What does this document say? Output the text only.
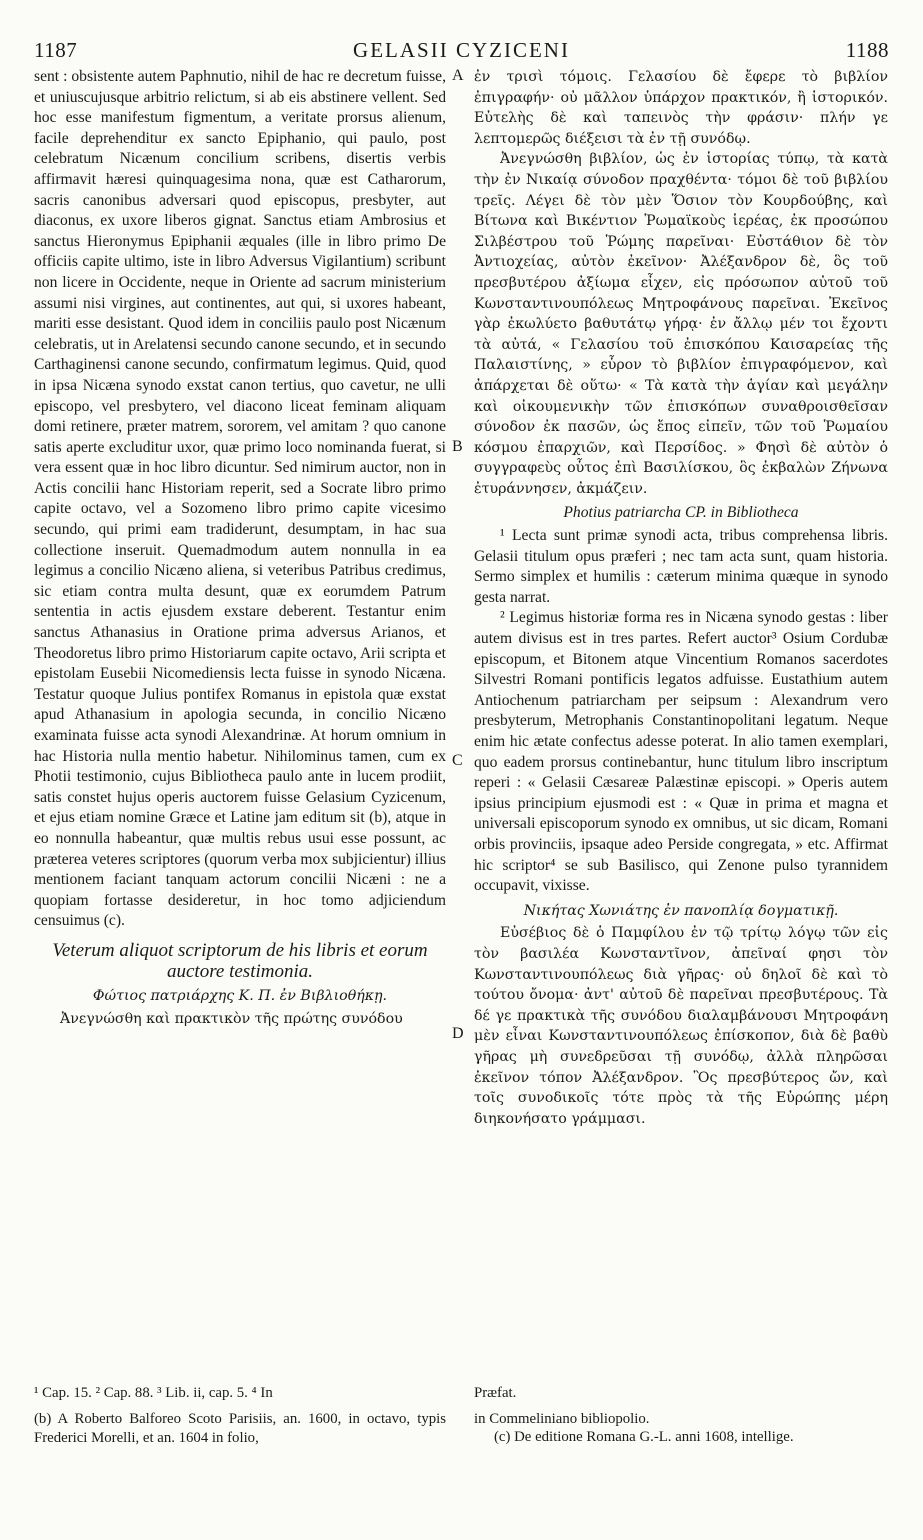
1187	GELASII CYZICENI	1188

sent : obsistente autem Paphnutio, nihil de hac re decretum fuisse, et uniuscujusque arbitrio relictum, si ab eis abstinere vellent. Sed hoc esse manifestum figmentum, a veritate prorsus alienum, facile deprehenditur ex sancto Epiphanio, qui paulo, post celebratum Nicænum concilium scribens, disertis verbis affirmavit hæresi quinquagesima nona, quæ est Catharorum, sacris canonibus adversari quod episcopus, presbyter, aut diaconus, ex uxore liberos gignat. Sanctus etiam Ambrosius et sanctus Hieronymus Epiphanii æquales (ille in libro primo De officiis capite ultimo, iste in libro Adversus Vigilantium) scribunt non licere in Occidente, neque in Oriente ad sacrum ministerium assumi nisi virgines, aut continentes, aut qui, si uxores habeant, mariti esse desistant. Quod idem in conciliis paulo post Nicænum celebratis, ut in Arelatensi secundo canone secundo, et in secundo Carthaginensi canone secundo, confirmatum legimus. Quid, quod in ipsa Nicæna synodo exstat canon tertius, quo cavetur, ne ulli episcopo, vel presbytero, vel diacono liceat feminam aliquam domi retinere, præter matrem, sororem, vel amitam ? quo canone satis aperte excluditur uxor, quæ primo loco nominanda fuerat, si vera essent quæ in hoc libro dicuntur. Sed nimirum auctor, non in Actis concilii hanc Historiam reperit, sed a Socrate libro primo capite octavo, vel a Sozomeno libro primo capite vicesimo secundo, qui primi eam tradiderunt, desumptam, in hac sua collectione inseruit. Quemadmodum autem nonnulla in ea legimus a concilio Nicæno aliena, si veteribus Patribus credimus, sic etiam contra multa desunt, quæ ex eorumdem Patrum sententia in actis ejusdem exstare deberent. Testantur enim sanctus Athanasius in Oratione prima adversus Arianos, et Theodoretus libro primo Historiarum capite octavo, Arii scripta et epistolam Eusebii Nicomediensis lecta fuisse in synodo Nicæna. Testatur quoque Julius pontifex Romanus in epistola quæ exstat apud Athanasium in apologia secunda, in concilio Nicæno examinata fuisse acta synodi Alexandrinæ. At horum omnium in hac Historia nulla mentio habetur. Nihilominus tamen, cum ex Photii testimonio, cujus Bibliotheca paulo ante in lucem prodiit, satis constet hujus operis auctorem fuisse Gelasium Cyzicenum, et ejus etiam nomine Græce et Latine jam editum sit (b), atque in eo nonnulla habeantur, quæ multis rebus usui esse possunt, ac præterea veteres scriptores (quorum verba mox subjicientur) illius mentionem faciant tanquam actorum concilii Nicæni : ne a quopiam fortasse desideretur, in hoc tomo adjiciendum censuimus (c).

Veterum aliquot scriptorum de his libris et eorum auctore testimonia.
Φώτιος πατριάρχης Κ. Π. ἐν Βιβλιοθήκῃ.

Ἀνεγνώσθη καὶ πρακτικὸν τῆς πρώτης συνόδου

A
B
C
D

ἐν τρισὶ τόμοις. Γελασίου δὲ ἔφερε τὸ βιβλίον ἐπιγραφήν· οὐ μᾶλλον ὑπάρχον πρακτικόν, ἢ ἱστορικόν. Εὐτελὴς δὲ καὶ ταπεινὸς τὴν φράσιν· πλήν γε λεπτομερῶς διέξεισι τὰ ἐν τῇ συνόδῳ.

Ἀνεγνώσθη βιβλίον, ὡς ἐν ἱστορίας τύπῳ, τὰ κατὰ τὴν ἐν Νικαίᾳ σύνοδον πραχθέντα· τόμοι δὲ τοῦ βιβλίου τρεῖς. Λέγει δὲ τὸν μὲν Ὅσιον τὸν Κουρδούβης, καὶ Βίτωνα καὶ Βικέντιον Ῥωμαϊκοὺς ἱερέας, ἐκ προσώπου Σιλβέστρου τοῦ Ῥώμης παρεῖναι· Εὐστάθιον δὲ τὸν Ἀντιοχείας, αὐτὸν ἐκεῖνον· Ἀλέξανδρον δὲ, ὃς τοῦ πρεσβυτέρου ἀξίωμα εἶχεν, εἰς πρόσωπον αὐτοῦ τοῦ Κωνσταντινουπόλεως Μητροφάνους παρεῖναι. Ἐκεῖνος γὰρ ἐκωλύετο βαθυτάτῳ γήρᾳ· ἐν ἄλλῳ μέν τοι ἔχοντι τὰ αὐτά, « Γελασίου τοῦ ἐπισκόπου Καισαρείας τῆς Παλαιστίνης, » εὗρον τὸ βιβλίον ἐπιγραφόμενον, καὶ ἀπάρχεται δὲ οὕτω· « Τὰ κατὰ τὴν ἁγίαν καὶ μεγάλην καὶ οἰκουμενικὴν τῶν ἐπισκόπων συναθροισθεῖσαν σύνοδον ἐκ πασῶν, ὡς ἔπος εἰπεῖν, τῶν τοῦ Ῥωμαίου κόσμου ἐπαρχιῶν, καὶ Περσίδος. » Φησὶ δὲ αὐτὸν ὁ συγγραφεὺς οὗτος ἐπὶ Βασιλίσκου, ὃς ἐκβαλὼν Ζήνωνα ἐτυράννησεν, ἀκμάζειν.

Photius patriarcha CP. in Bibliotheca

¹ Lecta sunt primæ synodi acta, tribus comprehensa libris. Gelasii titulum opus præferi ; nec tam acta sunt, quam historia. Sermo simplex et humilis : cæterum minima quæque in synodo gesta narrat.

² Legimus historiæ forma res in Nicæna synodo gestas : liber autem divisus est in tres partes. Refert auctor³ Osium Cordubæ episcopum, et Bitonem atque Vincentium Romanos sacerdotes Silvestri Romani pontificis legatos adfuisse. Eustathium autem Antiochenum patriarcham per seipsum : Alexandrum vero presbyterum, Metrophanis Constantinopolitani legatum. Neque enim hic ætate confectus adesse poterat. In alio tamen exemplari, quo eadem prorsus continebantur, hunc titulum libro inscriptum reperi : « Gelasii Cæsareæ Palæstinæ episcopi. » Operis autem ipsius principium ejusmodi est : « Quæ in prima et magna et universali episcoporum synodo ex omnibus, ut sic dicam, Romani orbis provinciis, ipsaque adeo Perside congregata, » etc. Affirmat hic scriptor⁴ se sub Basilisco, qui Zenone pulso tyrannidem occupavit, vixisse.

Νικήτας Χωνιάτης ἐν πανοπλίᾳ δογματικῇ.

Εὐσέβιος δὲ ὁ Παμφίλου ἐν τῷ τρίτῳ λόγῳ τῶν εἰς τὸν βασιλέα Κωνσταντῖνον, ἀπεῖναί φησι τὸν Κωνσταντινουπόλεως διὰ γῆρας· οὐ δηλοῖ δὲ καὶ τὸ τούτου ὄνομα· ἀντ' αὐτοῦ δὲ παρεῖναι πρεσβυτέρους. Τὰ δέ γε πρακτικὰ τῆς συνόδου διαλαμβάνουσι Μητροφάνη μὲν εἶναι Κωνσταντινουπόλεως ἐπίσκοπον, διὰ δὲ βαθὺ γῆρας μὴ συνεδρεῦσαι τῇ συνόδῳ, ἀλλὰ πληρῶσαι ἐκεῖνον τόπον Ἀλέξανδρον. Ὃς πρεσβύτερος ὤν, καὶ τοῖς συνοδικοῖς τότε πρὸς τὰ τῆς Εὐρώπης μέρη διηκονήσατο γράμμασι.

¹ Cap. 15. ² Cap. 88. ³ Lib. ii, cap. 5. ⁴ In	Præfat.
(b) A Roberto Balforeo Scoto Parisiis, an. 1600, in octavo, typis Frederici Morelli, et an. 1604 in folio,
in Commeliniano bibliopolio.
(c) De editione Romana G.-L. anni 1608, intellige.
